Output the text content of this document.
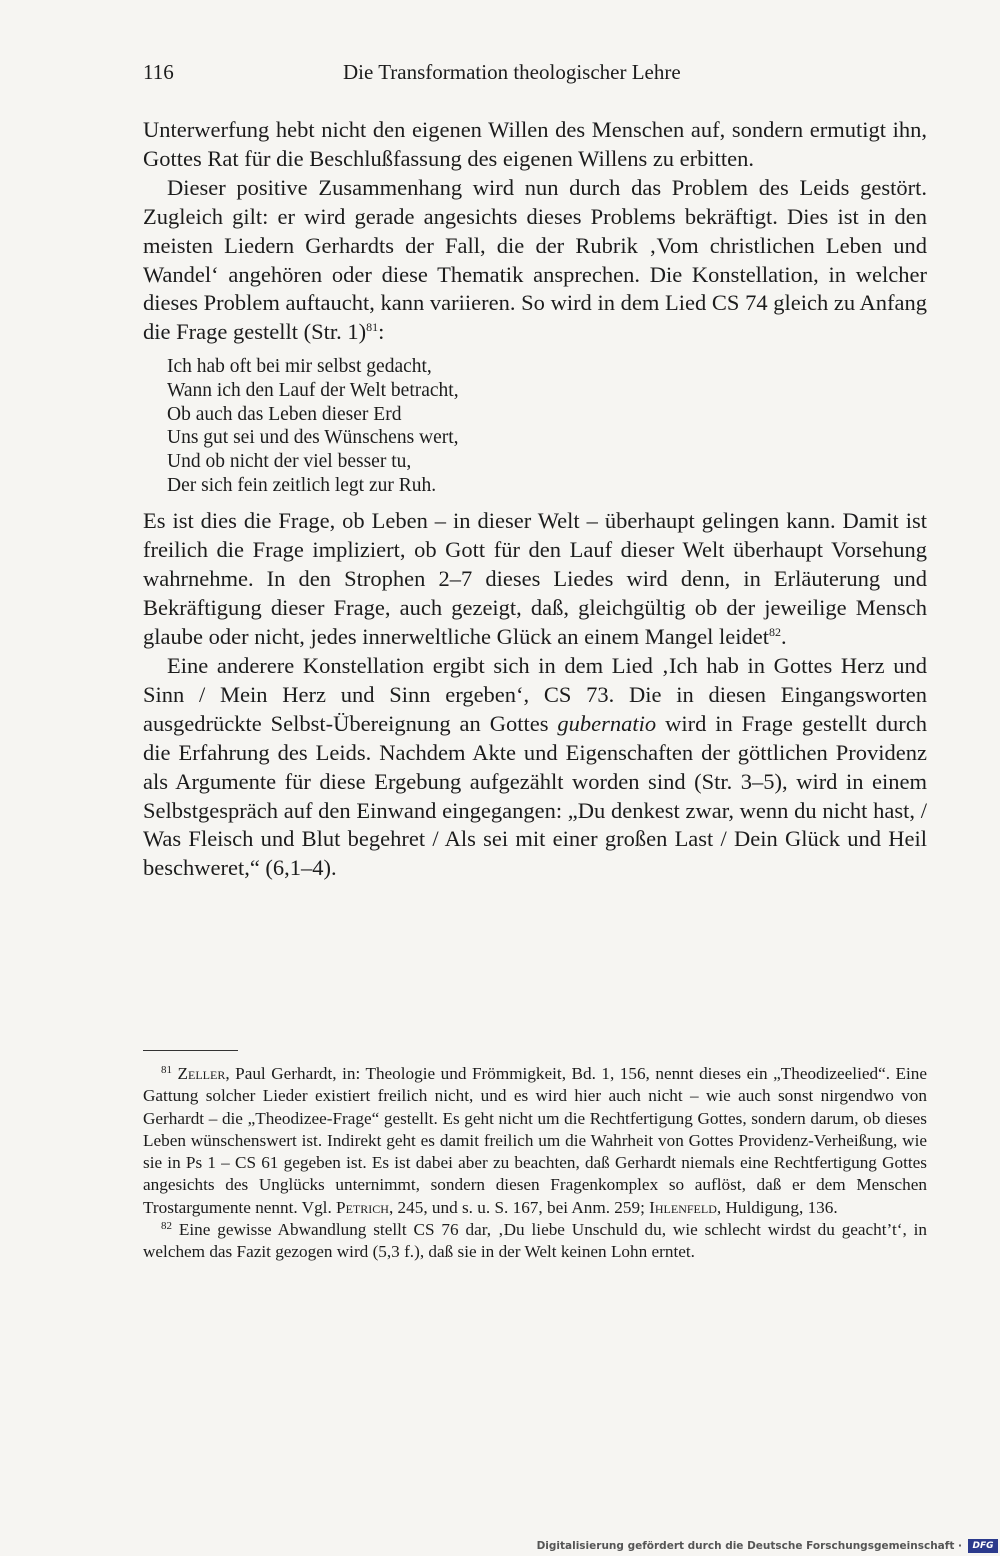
116	Die Transformation theologischer Lehre

Unterwerfung hebt nicht den eigenen Willen des Menschen auf, sondern ermutigt ihn, Gottes Rat für die Beschlußfassung des eigenen Willens zu erbitten.

Dieser positive Zusammenhang wird nun durch das Problem des Leids gestört. Zugleich gilt: er wird gerade angesichts dieses Problems bekräftigt. Dies ist in den meisten Liedern Gerhardts der Fall, die der Rubrik ‚Vom christlichen Leben und Wandel‘ angehören oder diese Thematik ansprechen. Die Konstellation, in welcher dieses Problem auftaucht, kann variieren. So wird in dem Lied CS 74 gleich zu Anfang die Frage gestellt (Str. 1)$^{81}$:

Ich hab oft bei mir selbst gedacht,
Wann ich den Lauf der Welt betracht,
Ob auch das Leben dieser Erd
Uns gut sei und des Wünschens wert,
Und ob nicht der viel besser tu,
Der sich fein zeitlich legt zur Ruh.

Es ist dies die Frage, ob Leben – in dieser Welt – überhaupt gelingen kann. Damit ist freilich die Frage impliziert, ob Gott für den Lauf dieser Welt überhaupt Vorsehung wahrnehme. In den Strophen 2–7 dieses Liedes wird denn, in Erläuterung und Bekräftigung dieser Frage, auch gezeigt, daß, gleichgültig ob der jeweilige Mensch glaube oder nicht, jedes innerweltliche Glück an einem Mangel leidet$^{82}$.

Eine anderere Konstellation ergibt sich in dem Lied ‚Ich hab in Gottes Herz und Sinn / Mein Herz und Sinn ergeben‘, CS 73. Die in diesen Eingangsworten ausgedrückte Selbst-Übereignung an Gottes gubernatio wird in Frage gestellt durch die Erfahrung des Leids. Nachdem Akte und Eigenschaften der göttlichen Providenz als Argumente für diese Ergebung aufgezählt worden sind (Str. 3–5), wird in einem Selbstgespräch auf den Einwand eingegangen: „Du denkest zwar, wenn du nicht hast, / Was Fleisch und Blut begehret / Als sei mit einer großen Last / Dein Glück und Heil beschweret,“ (6,1–4).

$^{81}$ Zeller, Paul Gerhardt, in: Theologie und Frömmigkeit, Bd. 1, 156, nennt dieses ein „Theodizeelied“. Eine Gattung solcher Lieder existiert freilich nicht, und es wird hier auch nicht – wie auch sonst nirgendwo von Gerhardt – die „Theodizee-Frage“ gestellt. Es geht nicht um die Rechtfertigung Gottes, sondern darum, ob dieses Leben wünschenswert ist. Indirekt geht es damit freilich um die Wahrheit von Gottes Providenz-Verheißung, wie sie in Ps 1 – CS 61 gegeben ist. Es ist dabei aber zu beachten, daß Gerhardt niemals eine Rechtfertigung Gottes angesichts des Unglücks unternimmt, sondern diesen Fragenkomplex so auflöst, daß er dem Menschen Trostargumente nennt. Vgl. Petrich, 245, und s. u. S. 167, bei Anm. 259; Ihlenfeld, Huldigung, 136.

$^{82}$ Eine gewisse Abwandlung stellt CS 76 dar, ‚Du liebe Unschuld du, wie schlecht wirdst du geacht’t‘, in welchem das Fazit gezogen wird (5,3 f.), daß sie in der Welt keinen Lohn erntet.

Digitalisierung gefördert durch die Deutsche Forschungsgemeinschaft ·	DFG
